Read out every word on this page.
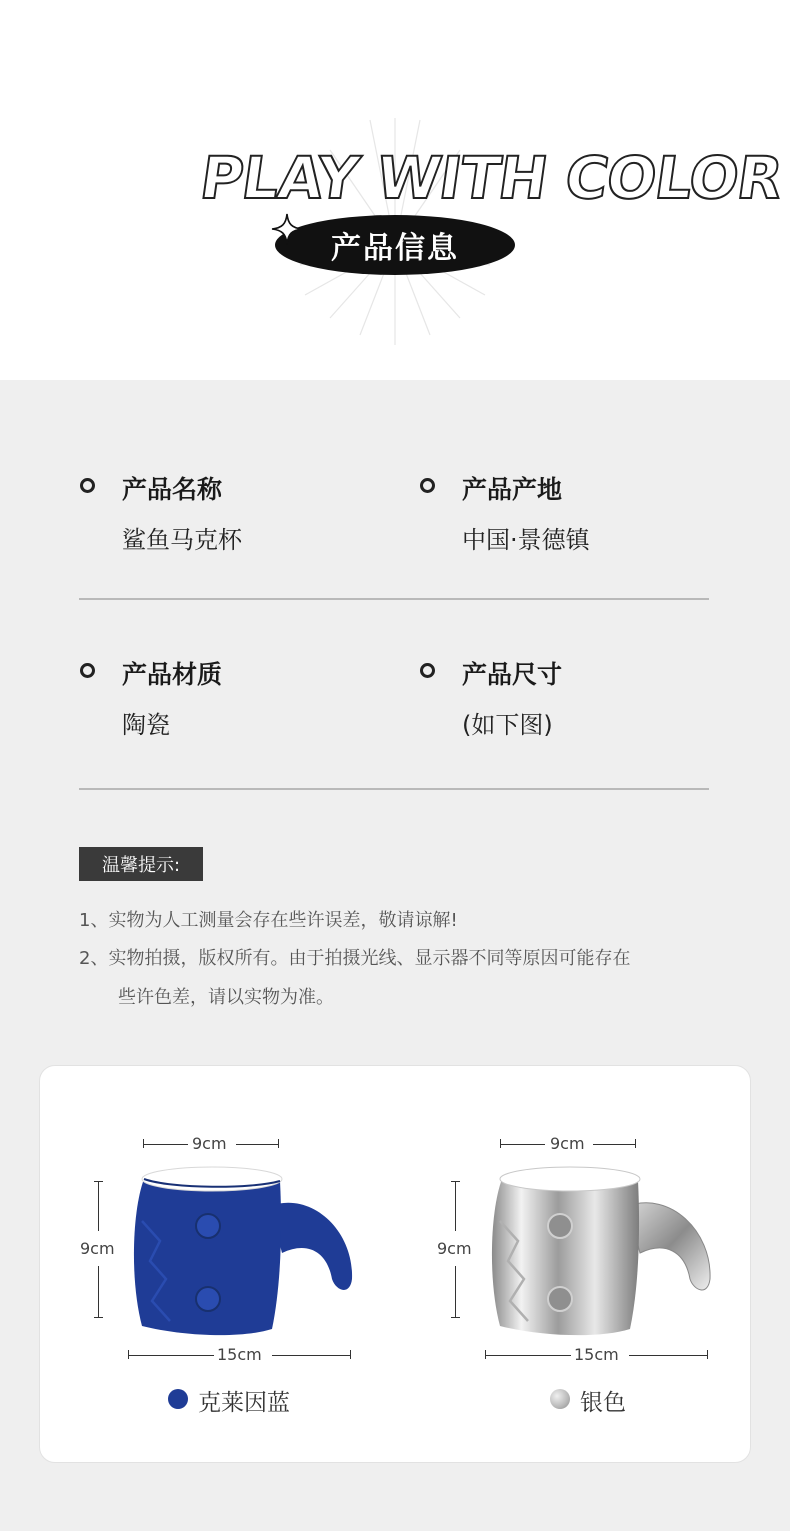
PLAY WITH COLOR
产品信息
产品名称
鲨鱼马克杯
产品产地
中国·景德镇
产品材质
陶瓷
产品尺寸
(如下图)
温馨提示:
1、实物为人工测量会存在些许误差，敬请谅解!
2、实物拍摄，版权所有。由于拍摄光线、显示器不同等原因可能存在
些许色差，请以实物为准。
9cm
9cm
15cm
克莱因蓝
9cm
9cm
15cm
银色
